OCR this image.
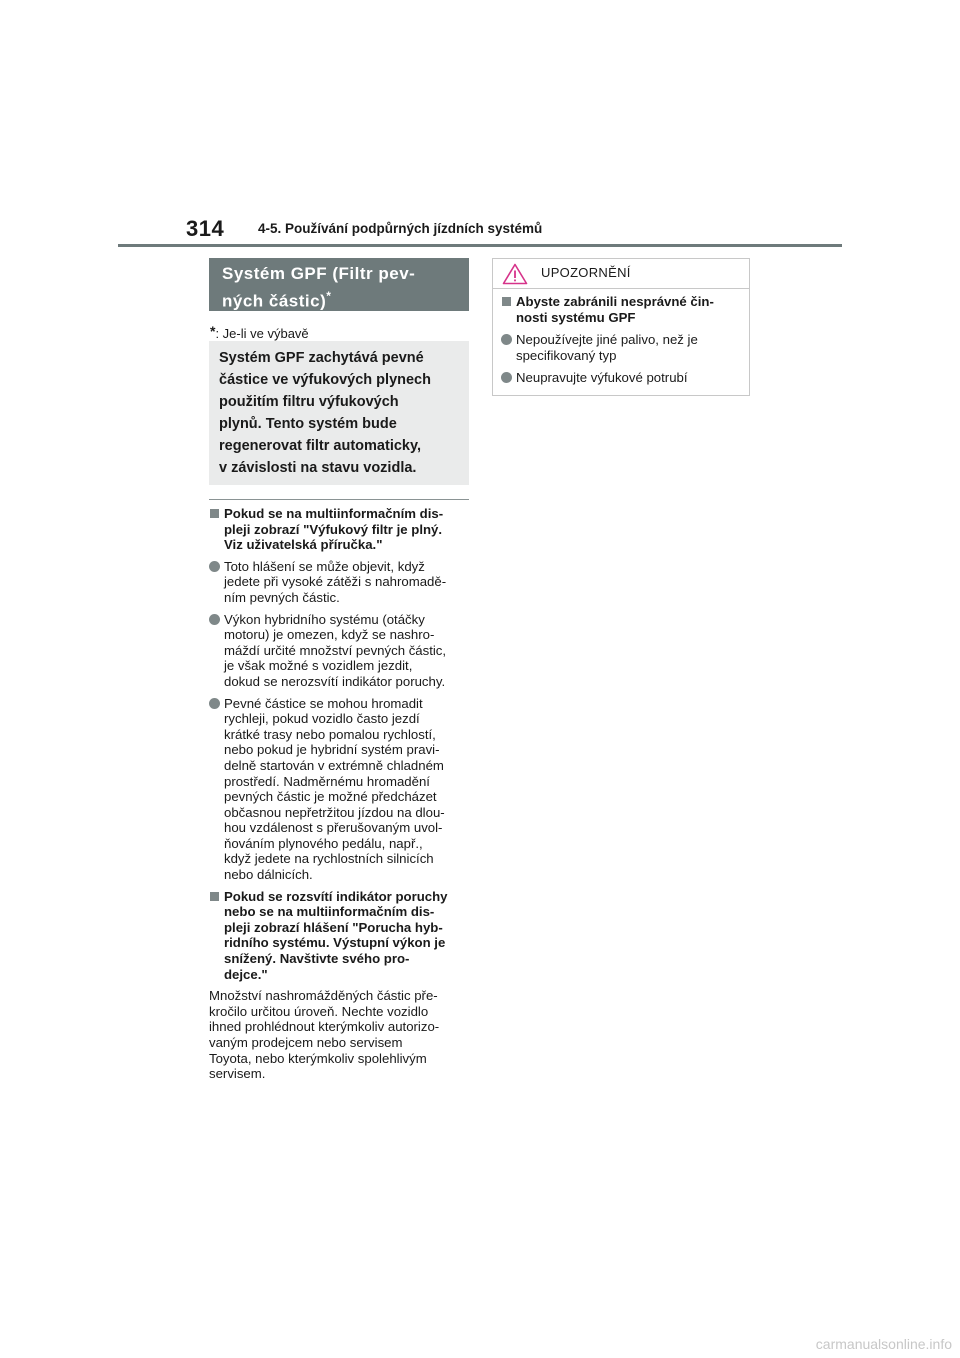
314	4-5. Používání podpůrných jízdních systémů
Systém GPF (Filtr pev-
ných částic)*
*: Je-li ve výbavě
Systém GPF zachytává pevné
částice ve výfukových plynech
použitím filtru výfukových
plynů. Tento systém bude
regenerovat filtr automaticky,
v závislosti na stavu vozidla.
Pokud se na multiinformačním dis-
pleji zobrazí "Výfukový filtr je plný.
Viz uživatelská příručka."
Toto hlášení se může objevit, když
jedete při vysoké zátěži s nahromadě-
ním pevných částic.
Výkon hybridního systému (otáčky
motoru) je omezen, když se nashro-
máždí určité množství pevných částic,
je však možné s vozidlem jezdit,
dokud se nerozsvítí indikátor poruchy.
Pevné částice se mohou hromadit
rychleji, pokud vozidlo často jezdí
krátké trasy nebo pomalou rychlostí,
nebo pokud je hybridní systém pravi-
delně startován v extrémně chladném
prostředí. Nadměrnému hromadění
pevných částic je možné předcházet
občasnou nepřetržitou jízdou na dlou-
hou vzdálenost s přerušovaným uvol-
ňováním plynového pedálu, např.,
když jedete na rychlostních silnicích
nebo dálnicích.
Pokud se rozsvítí indikátor poruchy
nebo se na multiinformačním dis-
pleji zobrazí hlášení "Porucha hyb-
ridního systému. Výstupní výkon je
snížený. Navštivte svého pro-
dejce."
Množství nashromážděných částic pře-
kročilo určitou úroveň. Nechte vozidlo
ihned prohlédnout kterýmkoliv autorizo-
vaným prodejcem nebo servisem
Toyota, nebo kterýmkoliv spolehlivým
servisem.
UPOZORNĚNÍ
Abyste zabránili nesprávné čin-
nosti systému GPF
Nepoužívejte jiné palivo, než je
specifikovaný typ
Neupravujte výfukové potrubí
carmanualsonline.info
